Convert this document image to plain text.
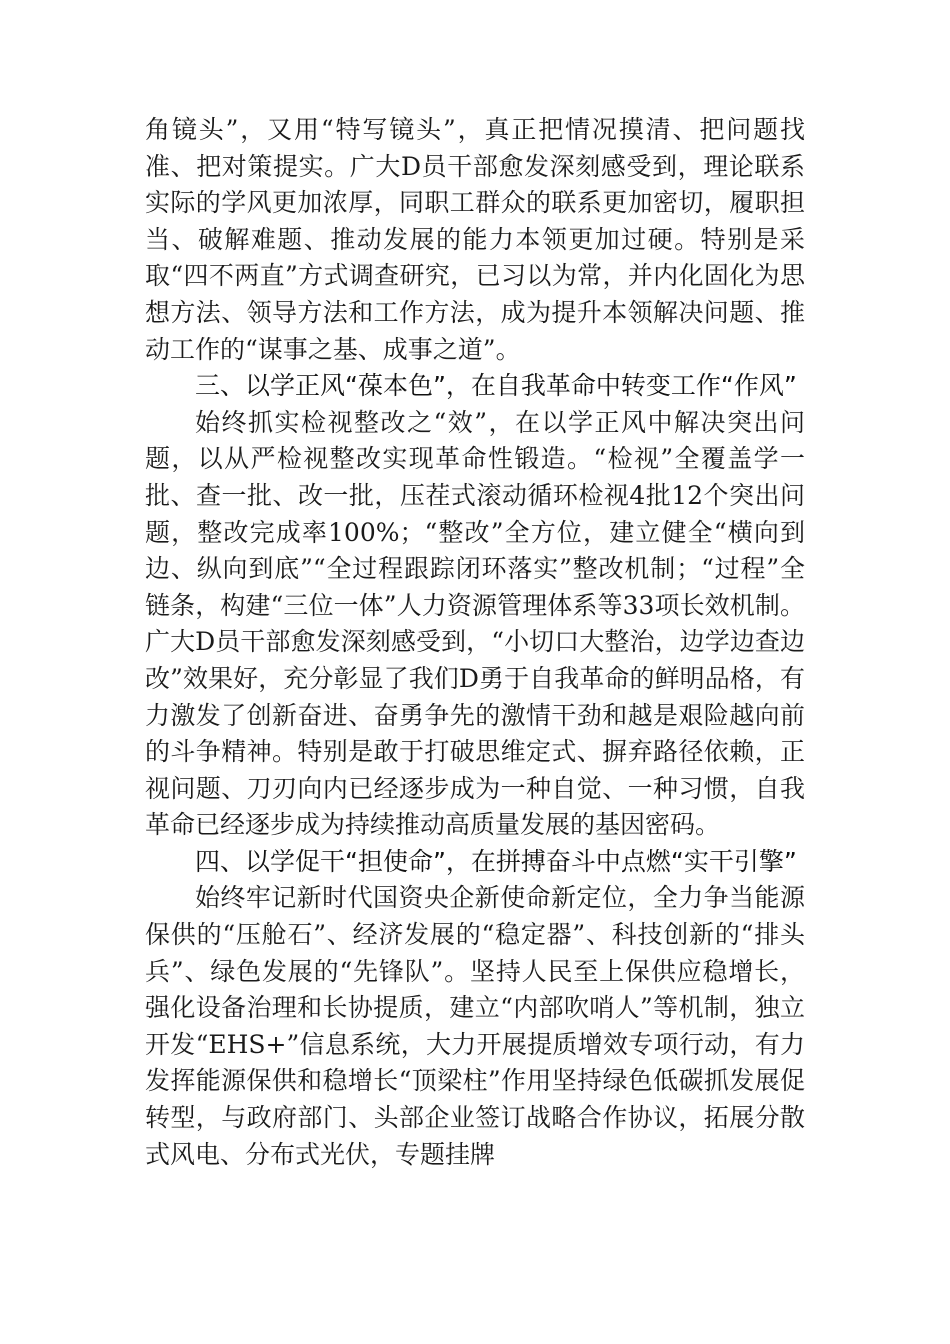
角镜头”，又用“特写镜头”，真正把情况摸清、把问题找准、把对策提实。广大D员干部愈发深刻感受到，理论联系实际的学风更加浓厚，同职工群众的联系更加密切，履职担当、破解难题、推动发展的能力本领更加过硬。特别是采取“四不两直”方式调查研究，已习以为常，并内化固化为思想方法、领导方法和工作方法，成为提升本领解决问题、推动工作的“谋事之基、成事之道”。

三、以学正风“葆本色”，在自我革命中转变工作“作风”

始终抓实检视整改之“效”，在以学正风中解决突出问题，以从严检视整改实现革命性锻造。“检视”全覆盖学一批、查一批、改一批，压茬式滚动循环检视4批12个突出问题，整改完成率100%；“整改”全方位，建立健全“横向到边、纵向到底”“全过程跟踪闭环落实”整改机制；“过程”全链条，构建“三位一体”人力资源管理体系等33项长效机制。广大D员干部愈发深刻感受到，“小切口大整治，边学边查边改”效果好，充分彰显了我们D勇于自我革命的鲜明品格，有力激发了创新奋进、奋勇争先的激情干劲和越是艰险越向前的斗争精神。特别是敢于打破思维定式、摒弃路径依赖，正视问题、刀刃向内已经逐步成为一种自觉、一种习惯，自我革命已经逐步成为持续推动高质量发展的基因密码。

四、以学促干“担使命”，在拼搏奋斗中点燃“实干引擎”

始终牢记新时代国资央企新使命新定位，全力争当能源保供的“压舱石”、经济发展的“稳定器”、科技创新的“排头兵”、绿色发展的“先锋队”。坚持人民至上保供应稳增长，强化设备治理和长协提质，建立“内部吹哨人”等机制，独立开发“EHS+”信息系统，大力开展提质增效专项行动，有力发挥能源保供和稳增长“顶梁柱”作用坚持绿色低碳抓发展促转型，与政府部门、头部企业签订战略合作协议，拓展分散式风电、分布式光伏，专题挂牌
